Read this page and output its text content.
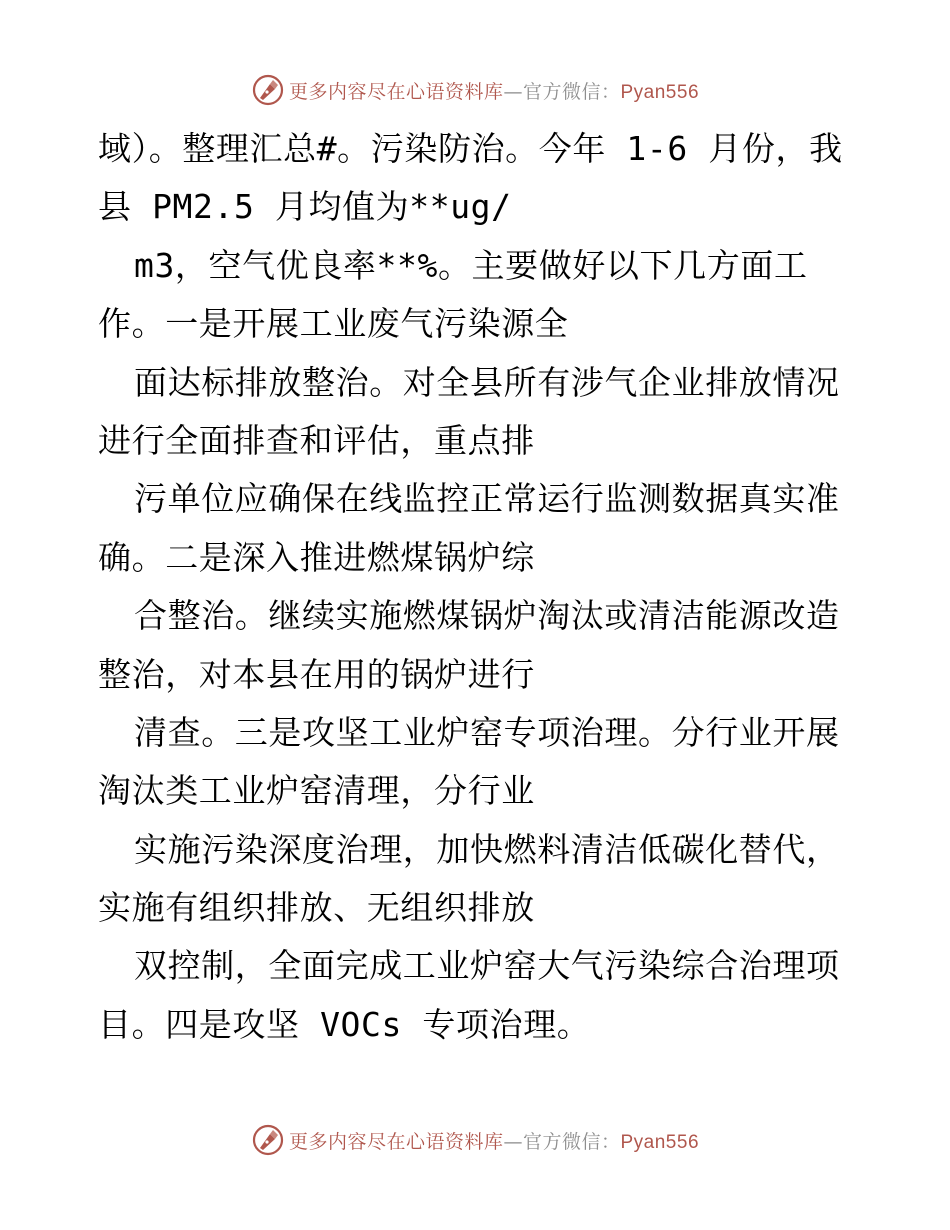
更多内容尽在心语资料库—官方微信：Pyan556
域）。整理汇总#。污染防治。今年 1-6 月份，我
县 PM2.5 月均值为**ug/
m3，空气优良率**%。主要做好以下几方面工
作。一是开展工业废气污染源全
面达标排放整治。对全县所有涉气企业排放情况
进行全面排查和评估，重点排
污单位应确保在线监控正常运行监测数据真实准
确。二是深入推进燃煤锅炉综
合整治。继续实施燃煤锅炉淘汰或清洁能源改造
整治，对本县在用的锅炉进行
清查。三是攻坚工业炉窑专项治理。分行业开展
淘汰类工业炉窑清理，分行业
实施污染深度治理，加快燃料清洁低碳化替代，
实施有组织排放、无组织排放
双控制，全面完成工业炉窑大气污染综合治理项
目。四是攻坚 VOCs 专项治理。
更多内容尽在心语资料库—官方微信：Pyan556
